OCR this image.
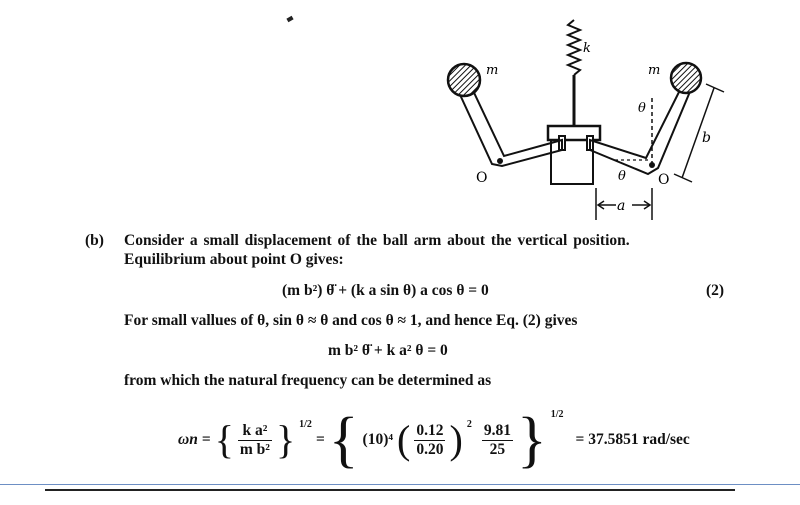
O
m
O
m
k
θ
θ
b
a
(b) Consider a small displacement of the ball arm about the vertical position.
Equilibrium about point O gives:
(m b²) θ̈ + (k a sin θ) a cos θ = 0	(2)
For small vallues of θ, sin θ ≈ θ and cos θ ≈ 1, and hence Eq. (2) gives
m b² θ̈ + k a² θ = 0
from which the natural frequency can be determined as
ωn = { $\frac{\text{k a²}}{\text{m b²}}$ } 1/2
= { (10)⁴ ( $\frac{0.12}{0.20}$ ) $2 \frac{9.81}{25}$ } 1/2
= 37.5851 rad/sec
